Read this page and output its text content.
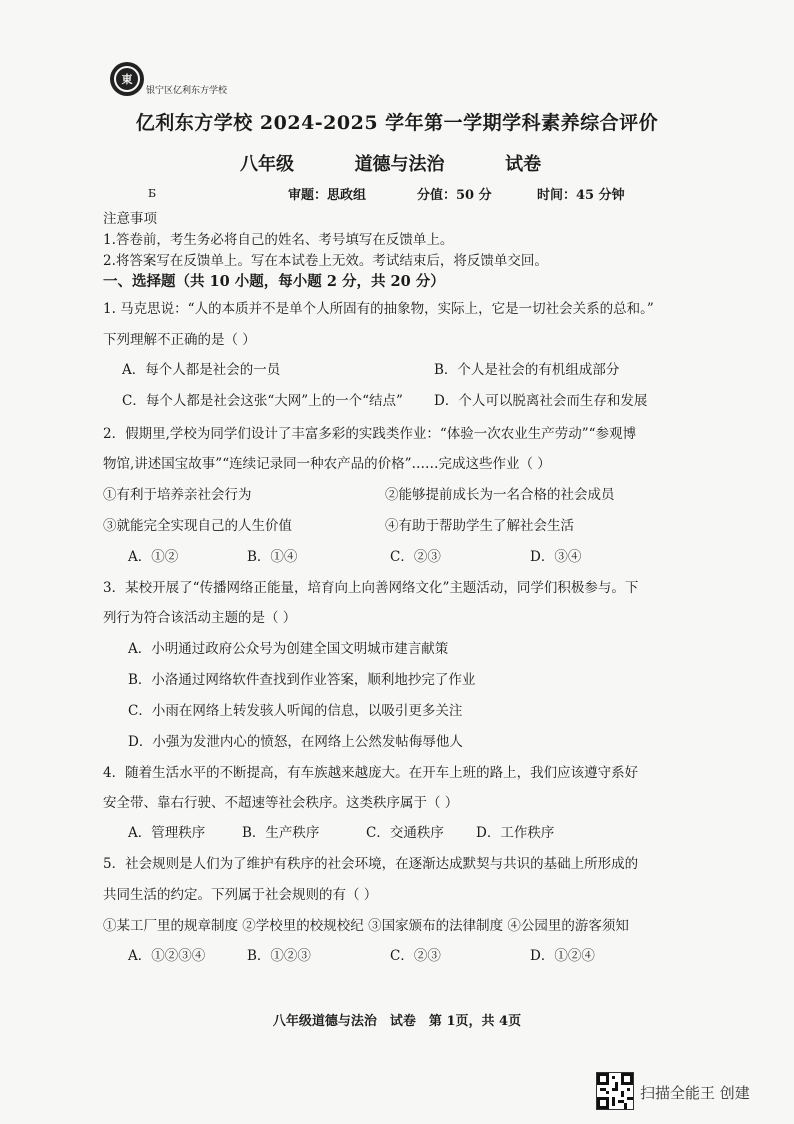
東
银宁区亿利东方学校
亿利东方学校 2024-2025 学年第一学期学科素养综合评价
八年级	道德与法治	试卷
Б	审题：思政组	分值：50 分	时间：45 分钟
注意事项
1.答卷前，考生务必将自己的姓名、考号填写在反馈单上。
2.将答案写在反馈单上。写在本试卷上无效。考试结束后，将反馈单交回。
一、选择题（共 10 小题，每小题 2 分，共 20 分）
1. 马克思说：“人的本质并不是单个人所固有的抽象物，实际上，它是一切社会关系的总和。”
下列理解不正确的是（ ）
A．每个人都是社会的一员	B．个人是社会的有机组成部分
C．每个人都是社会这张“大网”上的一个“结点” D．个人可以脱离社会而生存和发展
2．假期里,学校为同学们设计了丰富多彩的实践类作业：“体验一次农业生产劳动”“参观博
物馆,讲述国宝故事”“连续记录同一种农产品的价格”……完成这些作业（ ）
①有利于培养亲社会行为	②能够提前成长为一名合格的社会成员
③就能完全实现自己的人生价值	④有助于帮助学生了解社会生活
A．①②	B．①④	C．②③	D．③④
3．某校开展了“传播网络正能量，培育向上向善网络文化”主题活动，同学们积极参与。下
列行为符合该活动主题的是（ ）
A．小明通过政府公众号为创建全国文明城市建言献策
B．小洛通过网络软件查找到作业答案，顺利地抄完了作业
C．小雨在网络上转发骇人听闻的信息，以吸引更多关注
D．小强为发泄内心的愤怒，在网络上公然发帖侮辱他人
4．随着生活水平的不断提高，有车族越来越庞大。在开车上班的路上，我们应该遵守系好
安全带、靠右行驶、不超速等社会秩序。这类秩序属于（ ）
A．管理秩序	B．生产秩序	C．交通秩序 D．工作秩序
5．社会规则是人们为了维护有秩序的社会环境，在逐渐达成默契与共识的基础上所形成的
共同生活的约定。下列属于社会规则的有（ ）
①某工厂里的规章制度 ②学校里的校规校纪 ③国家颁布的法律制度 ④公园里的游客须知
A．①②③④	B．①②③	C．②③	D．①②④
八年级道德与法治　试卷　第 1页，共 4页
扫描全能王 创建
